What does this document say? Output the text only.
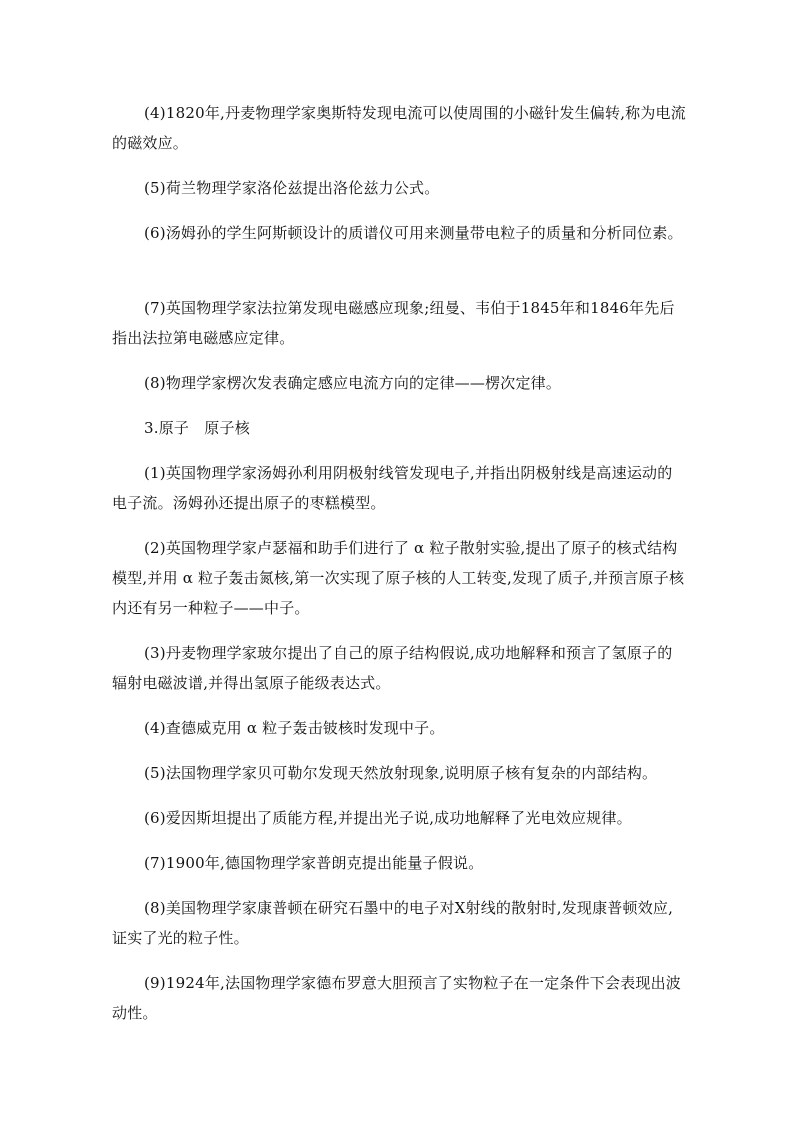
(4)1820年,丹麦物理学家奥斯特发现电流可以使周围的小磁针发生偏转,称为电流的磁效应。

(5)荷兰物理学家洛伦兹提出洛伦兹力公式。

(6)汤姆孙的学生阿斯顿设计的质谱仪可用来测量带电粒子的质量和分析同位素。

(7)英国物理学家法拉第发现电磁感应现象;纽曼、韦伯于1845年和1846年先后指出法拉第电磁感应定律。

(8)物理学家楞次发表确定感应电流方向的定律——楞次定律。

3.原子　原子核

(1)英国物理学家汤姆孙利用阴极射线管发现电子,并指出阴极射线是高速运动的电子流。汤姆孙还提出原子的枣糕模型。

(2)英国物理学家卢瑟福和助手们进行了 α 粒子散射实验,提出了原子的核式结构模型,并用 α 粒子轰击氮核,第一次实现了原子核的人工转变,发现了质子,并预言原子核内还有另一种粒子——中子。

(3)丹麦物理学家玻尔提出了自己的原子结构假说,成功地解释和预言了氢原子的辐射电磁波谱,并得出氢原子能级表达式。

(4)查德威克用 α 粒子轰击铍核时发现中子。

(5)法国物理学家贝可勒尔发现天然放射现象,说明原子核有复杂的内部结构。

(6)爱因斯坦提出了质能方程,并提出光子说,成功地解释了光电效应规律。

(7)1900年,德国物理学家普朗克提出能量子假说。

(8)美国物理学家康普顿在研究石墨中的电子对X射线的散射时,发现康普顿效应,证实了光的粒子性。

(9)1924年,法国物理学家德布罗意大胆预言了实物粒子在一定条件下会表现出波动性。
